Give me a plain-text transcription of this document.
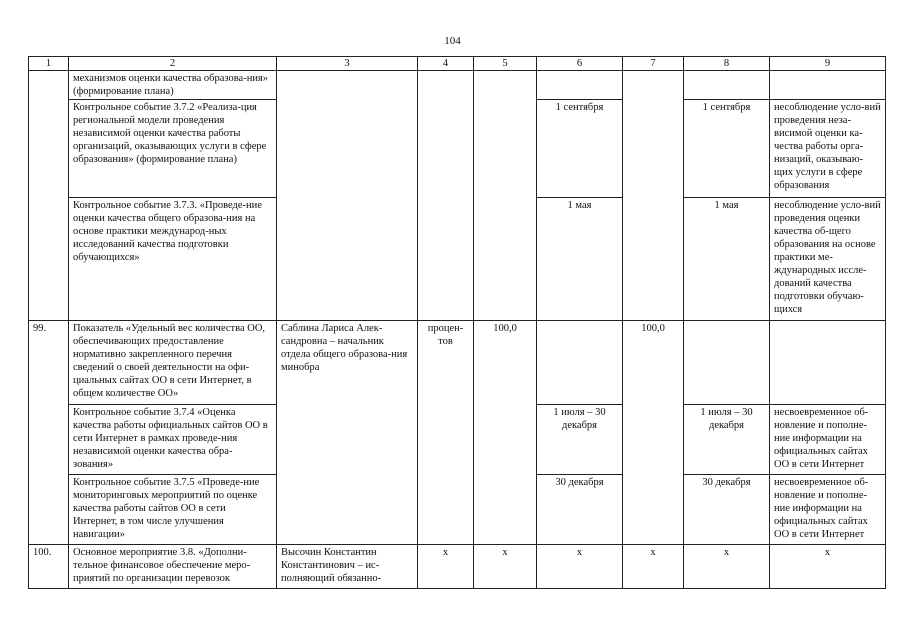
104
1	2	3	4	5	6	7	8	9
	механизмов оценки качества образова-ния» (формирование плана)							
	Контрольное событие 3.7.2 «Реализа-ция региональной модели проведения независимой оценки качества работы организаций, оказывающих услуги в сфере образования» (формирование плана)				1 сентября		1 сентября	несоблюдение усло-вий проведения неза-висимой оценки ка-чества работы орга-низаций, оказываю-щих услуги в сфере образования
	Контрольное событие 3.7.3. «Проведе-ние оценки качества общего образова-ния на основе практики международ-ных исследований качества подготовки обучающихся»				1 мая		1 мая	несоблюдение усло-вий проведения оценки качества об-щего образования на основе практики ме-ждународных иссле-дований качества подготовки обучаю-щихся
99.	Показатель «Удельный вес количества ОО, обеспечивающих предоставление нормативно закрепленного перечня сведений о своей деятельности на офи-циальных сайтах ОО в сети Интернет, в общем количестве ОО»	Саблина Лариса Алек-сандровна – начальник отдела общего образова-ния минобра	процен-тов	100,0		100,0		
	Контрольное событие 3.7.4 «Оценка качества работы официальных сайтов ОО в сети Интернет в рамках проведе-ния независимой оценки качества обра-зования»				1 июля – 30 декабря		1 июля – 30 декабря	несвоевременное об-новление и пополне-ние информации на официальных сайтах ОО в сети Интернет
	Контрольное событие 3.7.5 «Проведе-ние мониторинговых мероприятий по оценке качества работы сайтов ОО в сети Интернет, в том числе улучшения навигации»				30 декабря		30 декабря	несвоевременное об-новление и пополне-ние информации на официальных сайтах ОО в сети Интернет
100.	Основное мероприятие 3.8. «Дополни-тельное финансовое обеспечение меро-приятий по организации перевозок	Высочин Константин Константинович – ис-полняющий обязанно-	x	x	x	x	x	x
